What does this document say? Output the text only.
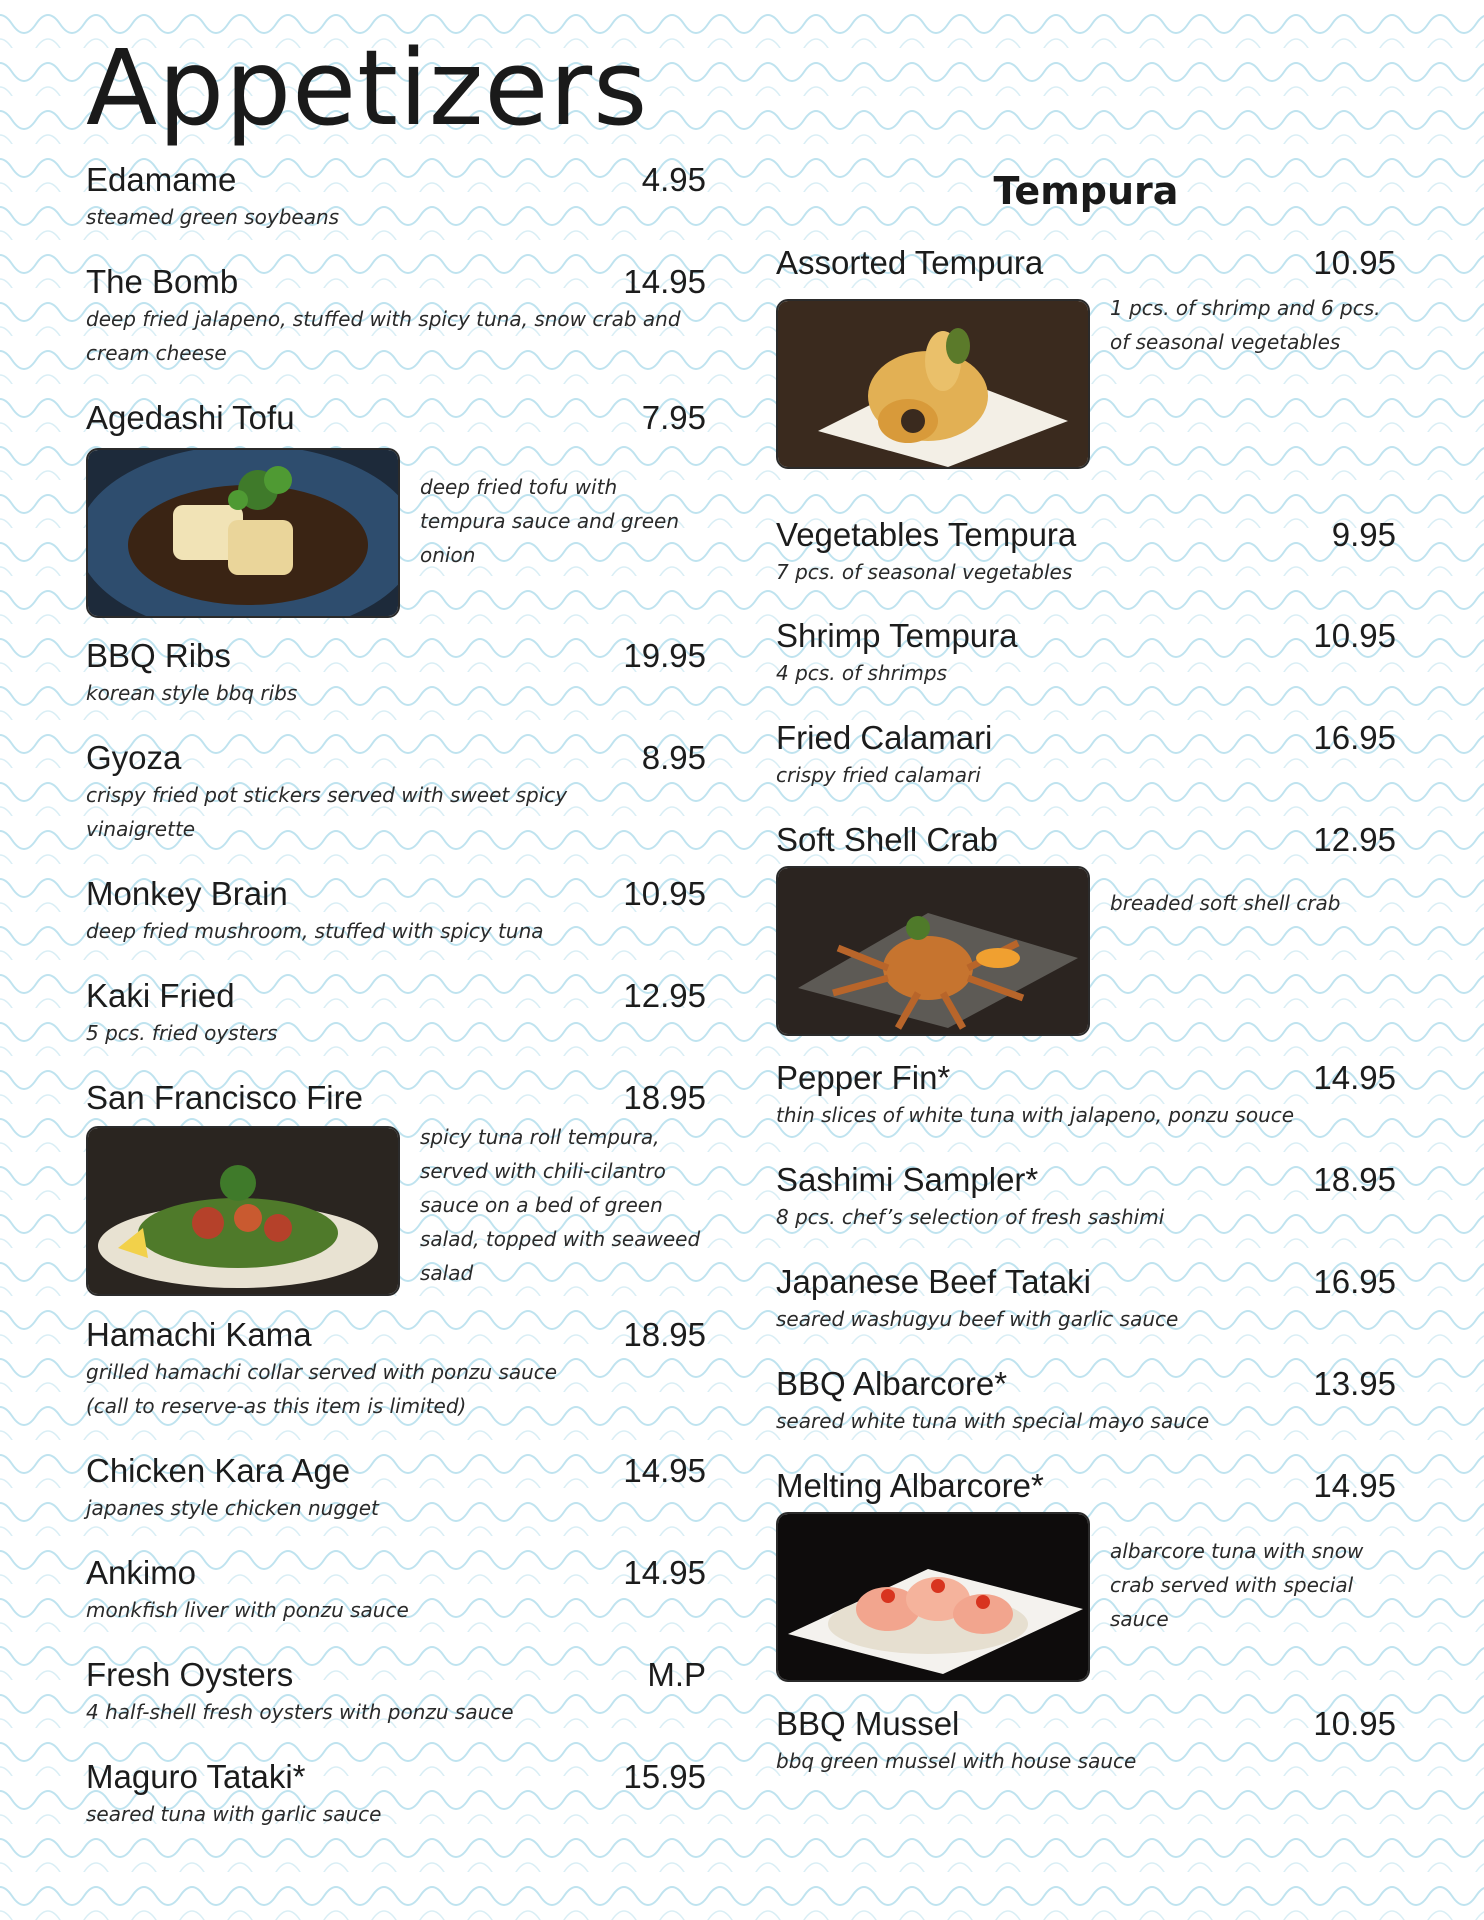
Appetizers
Tempura
Edamame	4.95
steamed green soybeans
The Bomb	14.95
deep fried jalapeno, stuffed with spicy tuna, snow crab and cream cheese
Agedashi Tofu	7.95
deep fried tofu with tempura sauce and green onion
BBQ Ribs	19.95
korean style bbq ribs
Gyoza	8.95
crispy fried pot stickers served with sweet spicy vinaigrette
Monkey Brain	10.95
deep fried mushroom, stuffed with spicy tuna
Kaki Fried	12.95
5 pcs. fried oysters
San Francisco Fire	18.95
spicy tuna roll tempura, served with chili-cilantro sauce on a bed of green salad, topped with seaweed salad
Hamachi Kama	18.95
grilled hamachi collar served with ponzu sauce (call to reserve-as this item is limited)
Chicken Kara Age	14.95
japanes style chicken nugget
Ankimo	14.95
monkfish liver with ponzu sauce
Fresh Oysters	M.P
4 half-shell fresh oysters with ponzu sauce
Maguro Tataki*	15.95
seared tuna with garlic sauce
Assorted Tempura	10.95
1 pcs. of shrimp and 6 pcs. of seasonal vegetables
Vegetables Tempura	9.95
7 pcs. of seasonal vegetables
Shrimp Tempura	10.95
4 pcs. of shrimps
Fried Calamari	16.95
crispy fried calamari
Soft Shell Crab	12.95
breaded soft shell crab
Pepper Fin*	14.95
thin slices of white tuna with jalapeno, ponzu souce
Sashimi Sampler*	18.95
8 pcs. chef’s selection of fresh sashimi
Japanese Beef Tataki	16.95
seared washugyu beef with garlic sauce
BBQ Albarcore*	13.95
seared white tuna with special mayo sauce
Melting Albarcore*	14.95
albarcore tuna with snow crab served with special sauce
BBQ Mussel	10.95
bbq green mussel with house sauce
